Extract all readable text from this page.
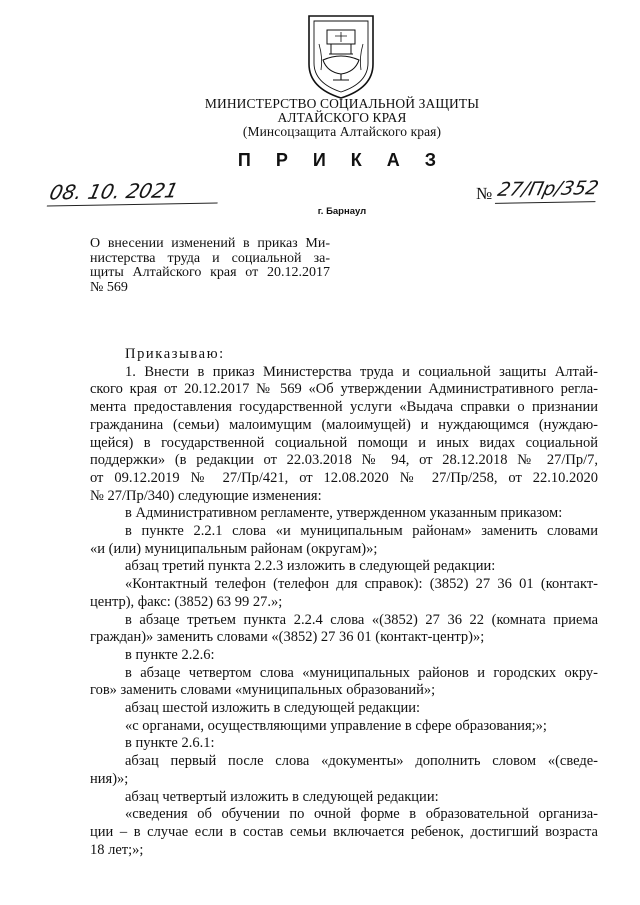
МИНИСТЕРСТВО СОЦИАЛЬНОЙ ЗАЩИТЫ
АЛТАЙСКОГО КРАЯ
(Минсоцзащита Алтайского края)
П Р И К А З
08. 10. 2021	№ 27/Пр/352
г. Барнаул
О внесении изменений в приказ Ми-
нистерства труда и социальной за-
щиты Алтайского края от 20.12.2017
№ 569
Приказываю:
1. Внести в приказ Министерства труда и социальной защиты Алтай-
ского края от 20.12.2017 № 569 «Об утверждении Административного регла-
мента предоставления государственной услуги «Выдача справки о признании
гражданина (семьи) малоимущим (малоимущей) и нуждающимся (нуждаю-
щейся) в государственной социальной помощи и иных видах социальной
поддержки» (в редакции от 22.03.2018 № 94, от 28.12.2018 № 27/Пр/7,
от 09.12.2019 № 27/Пр/421, от 12.08.2020 № 27/Пр/258, от 22.10.2020
№ 27/Пр/340) следующие изменения:
в Административном регламенте, утвержденном указанным приказом:
в пункте 2.2.1 слова «и муниципальным районам» заменить словами
«и (или) муниципальным районам (округам)»;
абзац третий пункта 2.2.3 изложить в следующей редакции:
«Контактный телефон (телефон для справок): (3852) 27 36 01 (контакт-
центр), факс: (3852) 63 99 27.»;
в абзаце третьем пункта 2.2.4 слова «(3852) 27 36 22 (комната приема
граждан)» заменить словами «(3852) 27 36 01 (контакт-центр)»;
в пункте 2.2.6:
в абзаце четвертом слова «муниципальных районов и городских окру-
гов» заменить словами «муниципальных образований»;
абзац шестой изложить в следующей редакции:
«с органами, осуществляющими управление в сфере образования;»;
в пункте 2.6.1:
абзац первый после слова «документы» дополнить словом «(сведе-
ния)»;
абзац четвертый изложить в следующей редакции:
«сведения об обучении по очной форме в образовательной организа-
ции – в случае если в состав семьи включается ребенок, достигший возраста
18 лет;»;
